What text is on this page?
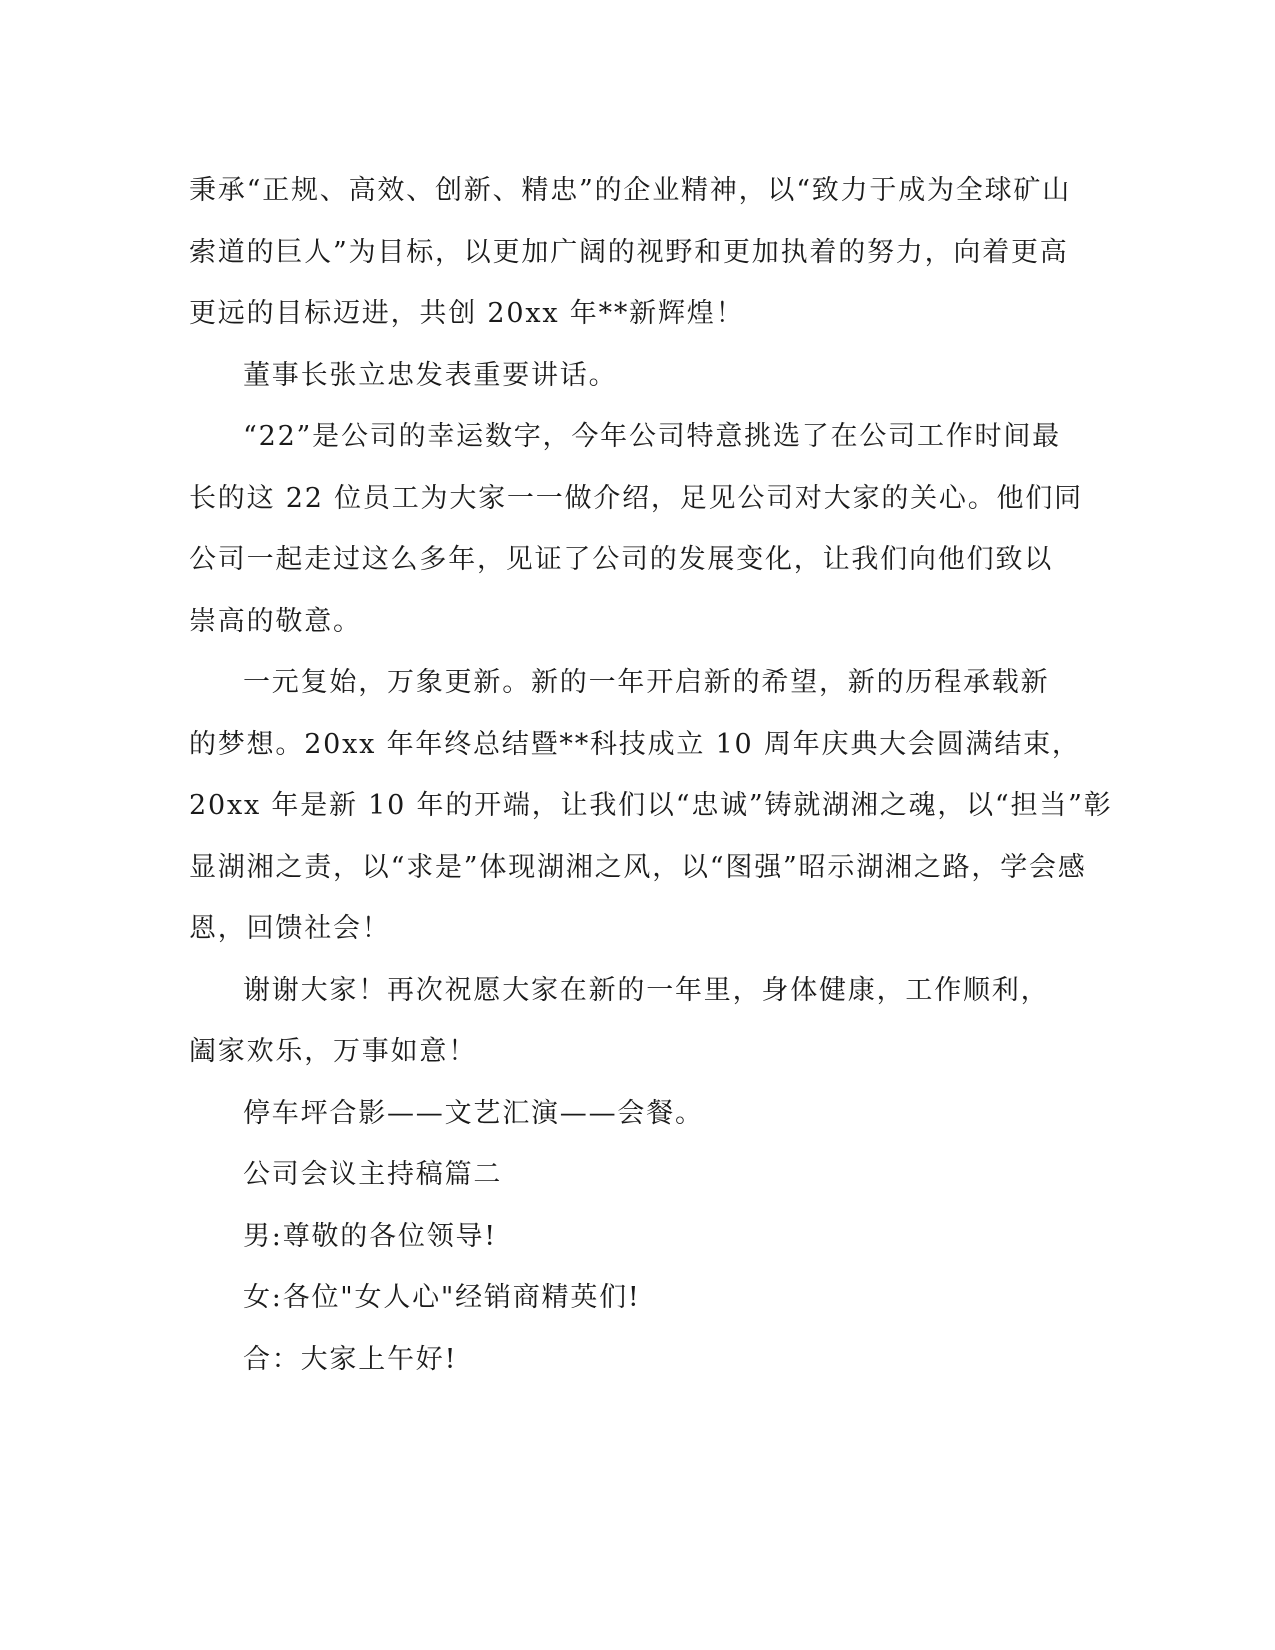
秉承“正规、高效、创新、精忠”的企业精神，以“致力于成为全球矿山
索道的巨人”为目标，以更加广阔的视野和更加执着的努力，向着更高
更远的目标迈进，共创 20xx 年**新辉煌！

董事长张立忠发表重要讲话。

“22”是公司的幸运数字，今年公司特意挑选了在公司工作时间最
长的这 22 位员工为大家一一做介绍，足见公司对大家的关心。他们同
公司一起走过这么多年，见证了公司的发展变化，让我们向他们致以
崇高的敬意。

一元复始，万象更新。新的一年开启新的希望，新的历程承载新
的梦想。20xx 年年终总结暨**科技成立 10 周年庆典大会圆满结束，
20xx 年是新 10 年的开端，让我们以“忠诚”铸就湖湘之魂，以“担当”彰
显湖湘之责，以“求是”体现湖湘之风，以“图强”昭示湖湘之路，学会感
恩，回馈社会！

谢谢大家！再次祝愿大家在新的一年里，身体健康，工作顺利，
阖家欢乐，万事如意！

停车坪合影——文艺汇演——会餐。

公司会议主持稿篇二

男:尊敬的各位领导!

女:各位"女人心"经销商精英们!

合：大家上午好!
